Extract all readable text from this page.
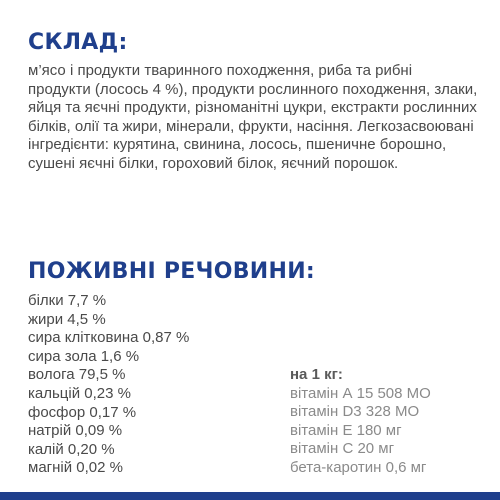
СКЛАД:

м’ясо і продукти тваринного походження, риба та рибні продукти (лосось 4 %), продукти рослинного походження, злаки, яйця та яєчні продукти, різноманітні цукри, екстракти рослинних білків, олії та жири, мінерали, фрукти, насіння. Легкозасвоювані інгредієнти: курятина, свинина, лосось, пшеничне борошно, сушені яєчні білки, гороховий білок, яєчний порошок.

ПОЖИВНІ РЕЧОВИНИ:
білки 7,7 %
жири 4,5 %
сира клітковина 0,87 %
сира зола 1,6 %
волога 79,5 %
кальцій 0,23 %
фосфор 0,17 %
натрій 0,09 %
калій 0,20 %
магній 0,02 %
на 1 кг:
вітамін А 15 508 МО
вітамін D3 328 МО
вітамін Е 180 мг
вітамін С 20 мг
бета-каротин 0,6 мг
